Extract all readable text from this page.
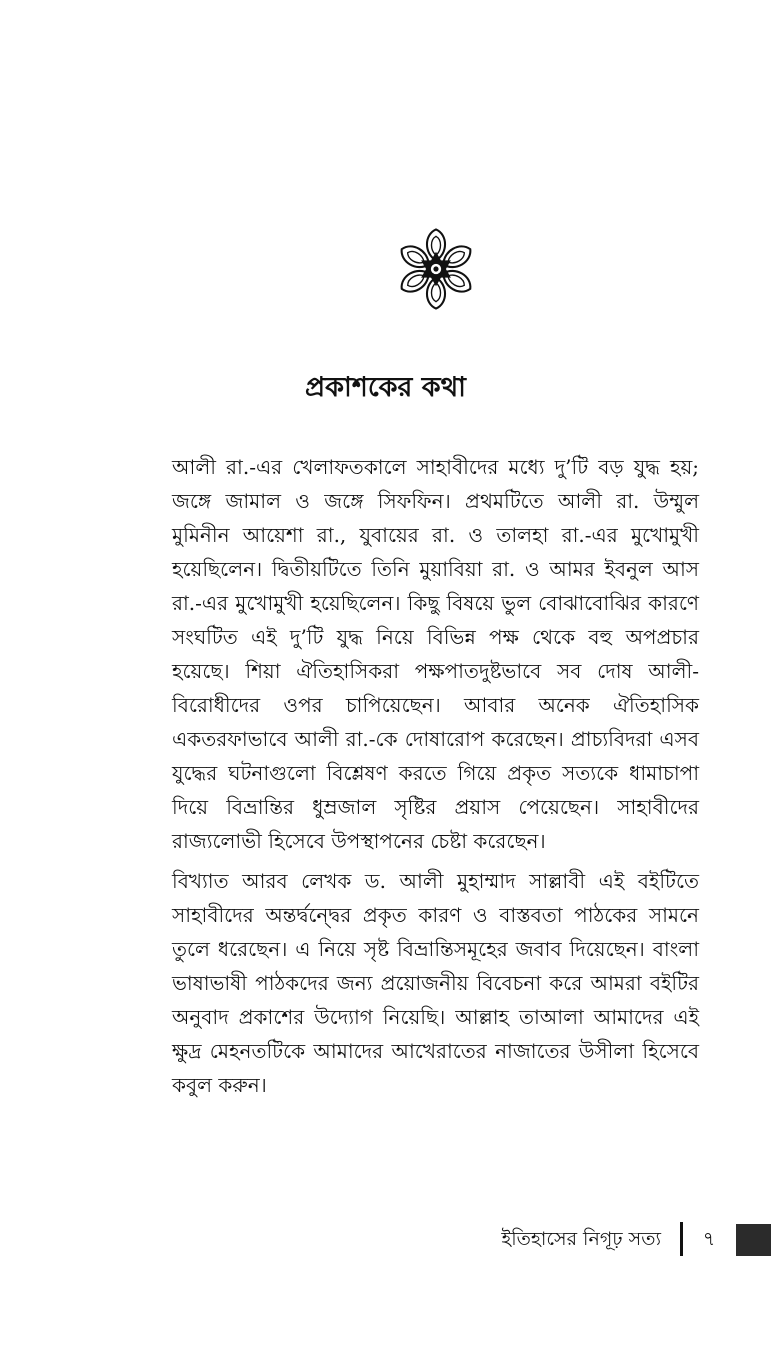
প্রকাশকের কথা

আলী রা.-এর খেলাফতকালে সাহাবীদের মধ্যে দু’টি বড় যুদ্ধ হয়; জঙ্গে জামাল ও জঙ্গে সিফফিন। প্রথমটিতে আলী রা. উম্মুল মুমিনীন আয়েশা রা., যুবায়ের রা. ও তালহা রা.-এর মুখোমুখী হয়েছিলেন। দ্বিতীয়টিতে তিনি মুয়াবিয়া রা. ও আমর ইবনুল আস রা.-এর মুখোমুখী হয়েছিলেন। কিছু বিষয়ে ভুল বোঝাবোঝির কারণে সংঘটিত এই দু’টি যুদ্ধ নিয়ে বিভিন্ন পক্ষ থেকে বহু অপপ্রচার হয়েছে। শিয়া ঐতিহাসিকরা পক্ষপাতদুষ্টভাবে সব দোষ আলী-বিরোধীদের ওপর চাপিয়েছেন। আবার অনেক ঐতিহাসিক একতরফাভাবে আলী রা.-কে দোষারোপ করেছেন। প্রাচ্যবিদরা এসব যুদ্ধের ঘটনাগুলো বিশ্লেষণ করতে গিয়ে প্রকৃত সত্যকে ধামাচাপা দিয়ে বিভ্রান্তির ধুম্রজাল সৃষ্টির প্রয়াস পেয়েছেন। সাহাবীদের রাজ্যলোভী হিসেবে উপস্থাপনের চেষ্টা করেছেন।

বিখ্যাত আরব লেখক ড. আলী মুহাম্মাদ সাল্লাবী এই বইটিতে সাহাবীদের অন্তর্দ্বন্দ্বের প্রকৃত কারণ ও বাস্তবতা পাঠকের সামনে তুলে ধরেছেন। এ নিয়ে সৃষ্ট বিভ্রান্তিসমূহের জবাব দিয়েছেন। বাংলা ভাষাভাষী পাঠকদের জন্য প্রয়োজনীয় বিবেচনা করে আমরা বইটির অনুবাদ প্রকাশের উদ্যোগ নিয়েছি। আল্লাহ তাআলা আমাদের এই ক্ষুদ্র মেহনতটিকে আমাদের আখেরাতের নাজাতের উসীলা হিসেবে কবুল করুন।

ইতিহাসের নিগূঢ় সত্য	৭
